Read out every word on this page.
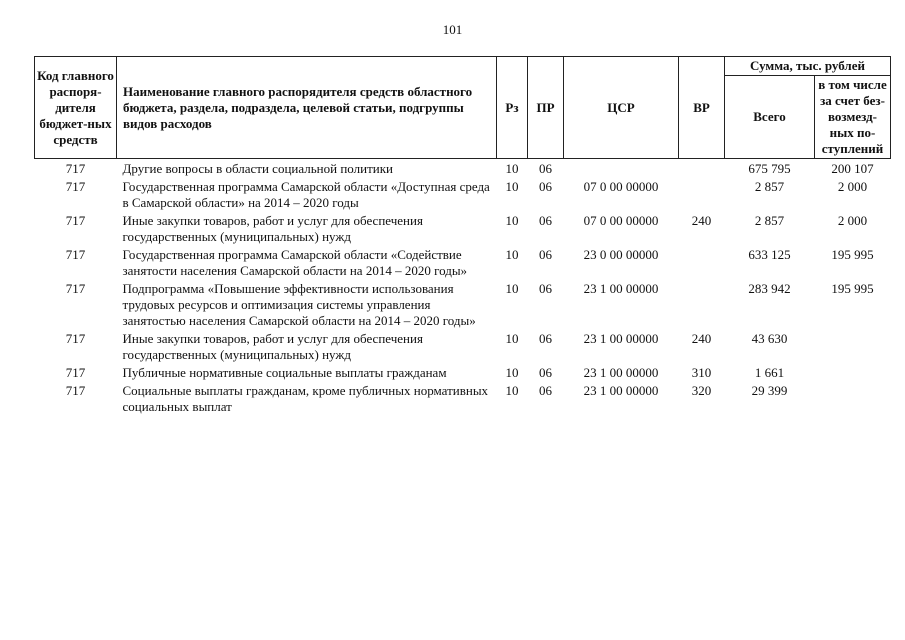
101
Код главного распоря-дителя бюджет-ных средств	Наименование главного распорядителя средств областного бюджета, раздела, подраздела, целевой статьи, подгруппы видов расходов	Рз	ПР	ЦСР	ВР	Сумма, тыс. рублей	
						Всего	в том числе за счет без-возмезд-ных по-ступлений
717	Другие вопросы в области социальной политики	10	06			675 795	200 107
717	Государственная программа Самарской области «Доступная среда в Самарской области» на 2014 – 2020 годы	10	06	07 0 00 00000		2 857	2 000
717	Иные закупки товаров, работ и услуг для обеспечения государственных (муниципальных) нужд	10	06	07 0 00 00000	240	2 857	2 000
717	Государственная программа Самарской области «Содействие занятости населения Самарской области на 2014 – 2020 годы»	10	06	23 0 00 00000		633 125	195 995
717	Подпрограмма «Повышение эффективности использования трудовых ресурсов и оптимизация системы управления занятостью населения Самарской области на 2014 – 2020 годы»	10	06	23 1 00 00000		283 942	195 995
717	Иные закупки товаров, работ и услуг для обеспечения государственных (муниципальных) нужд	10	06	23 1 00 00000	240	43 630	
717	Публичные нормативные социальные выплаты гражданам	10	06	23 1 00 00000	310	1 661	
717	Социальные выплаты гражданам, кроме публичных нормативных социальных выплат	10	06	23 1 00 00000	320	29 399	
